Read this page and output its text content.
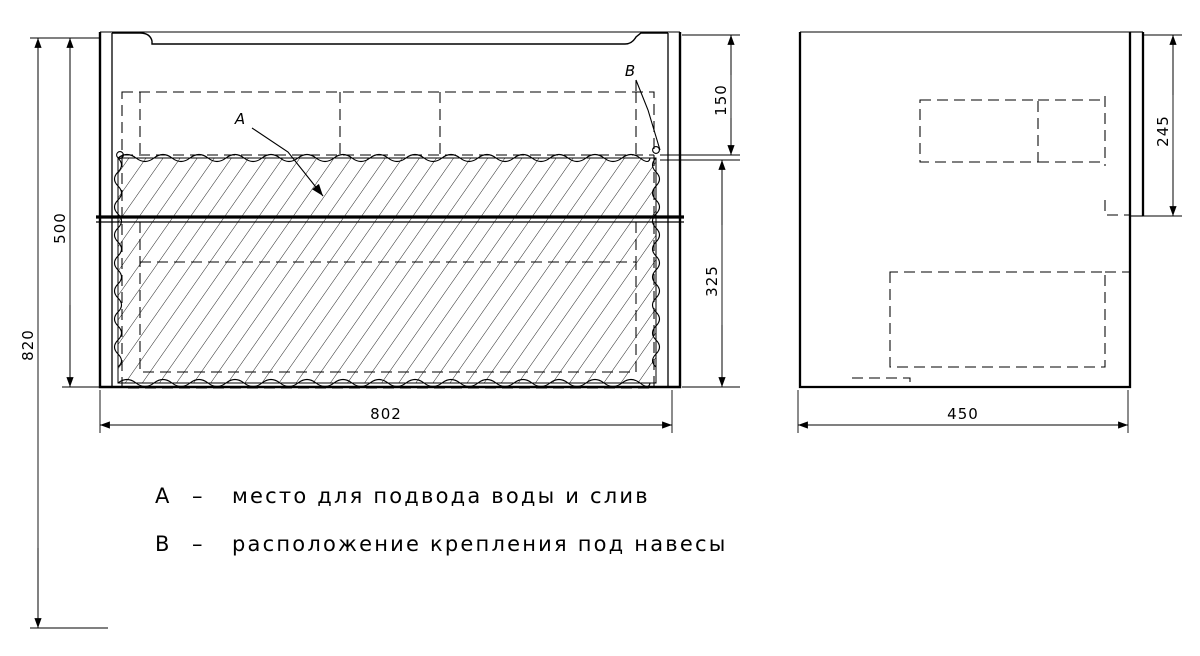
A
B
820
500
802
150
325
450
245
A – место для подвода воды и слив
B – расположение крепления под навесы
